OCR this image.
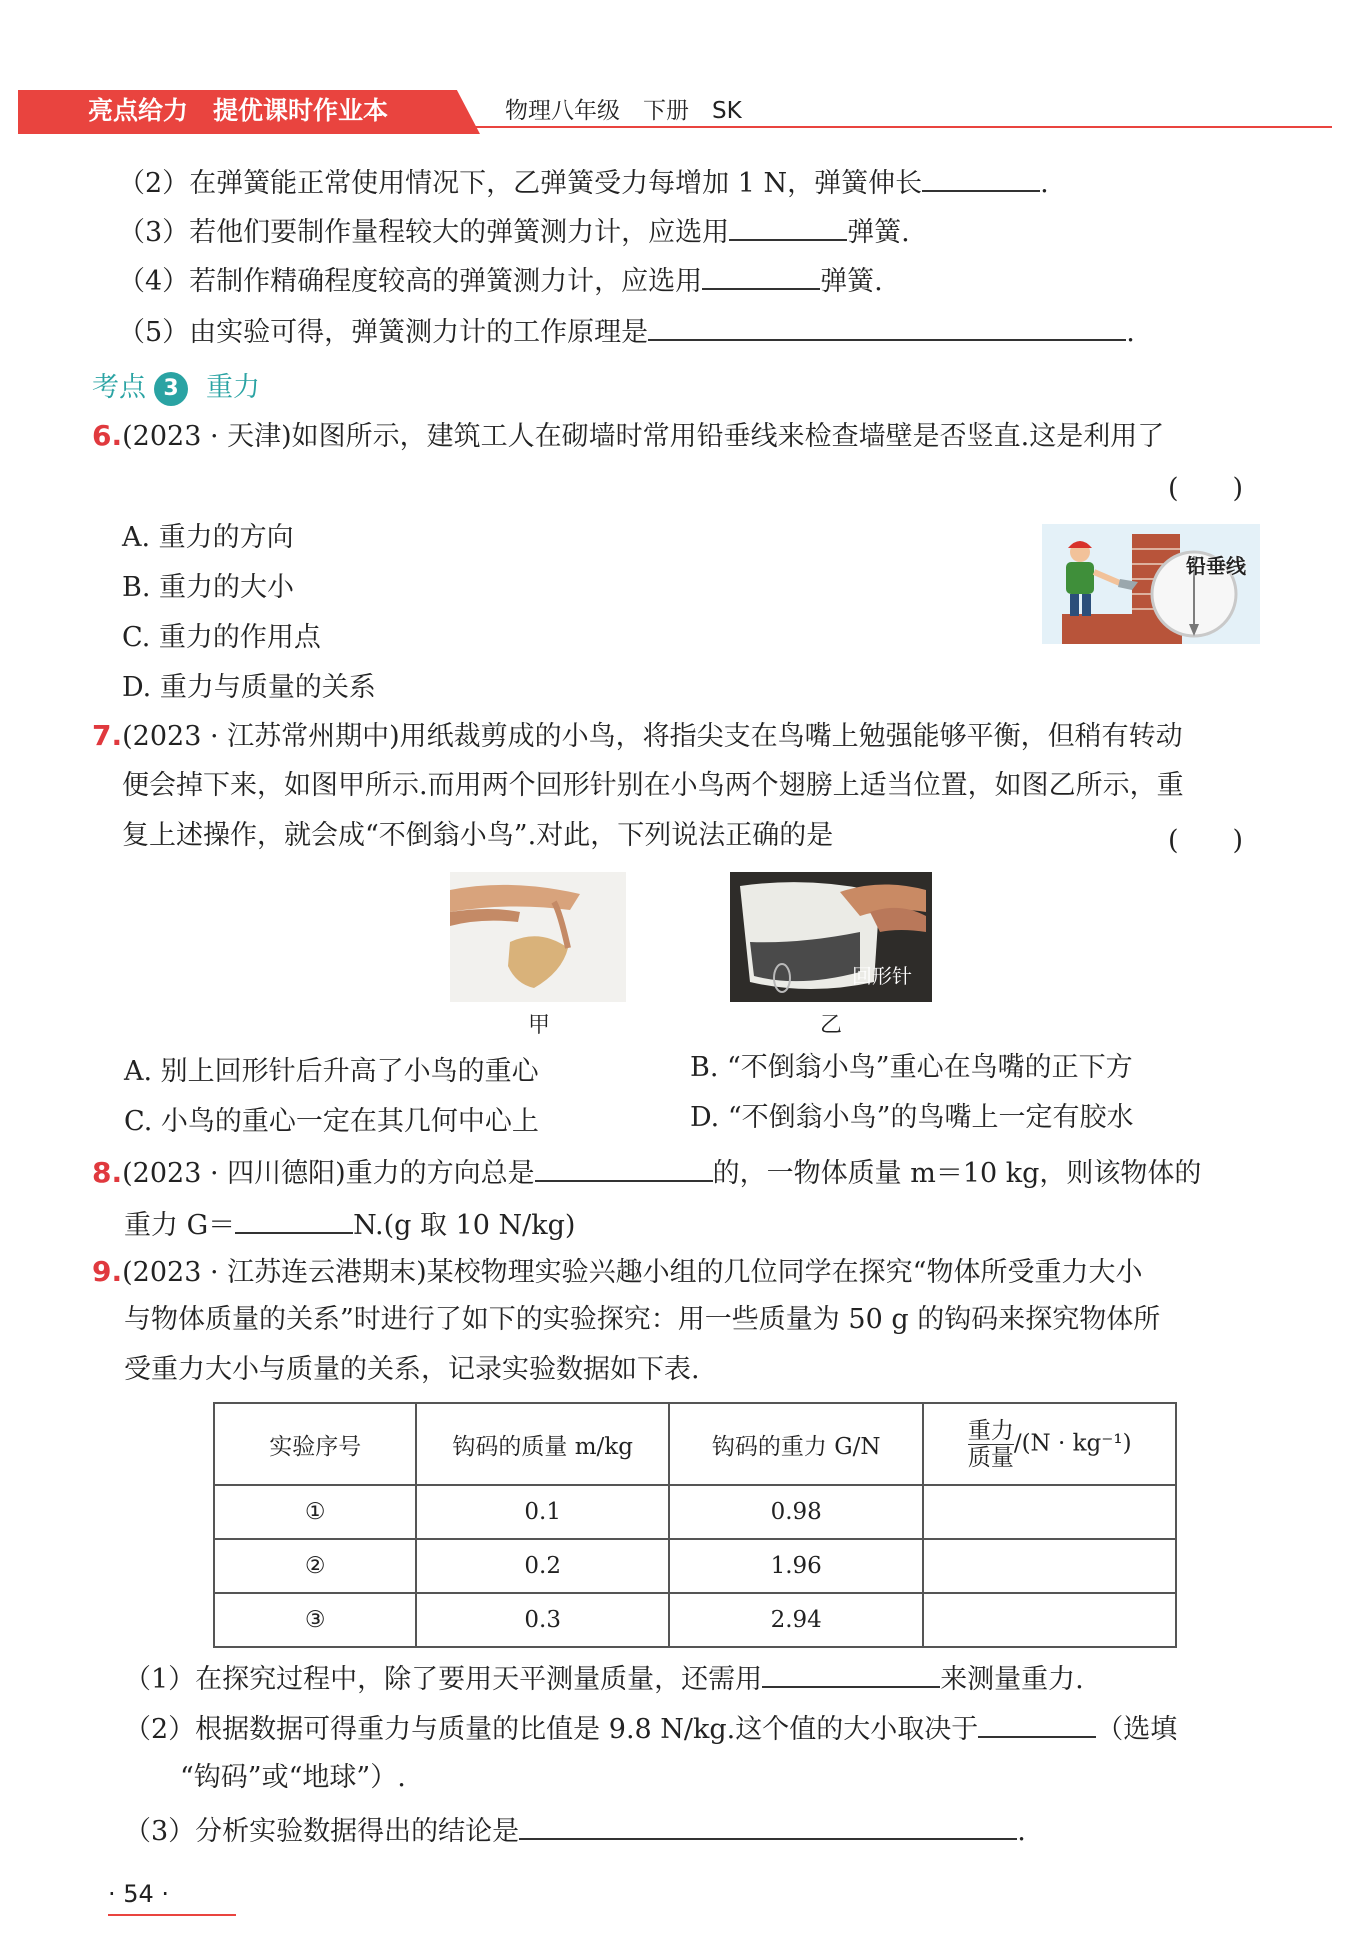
亮点给力　提优课时作业本	物理八年级　下册　SK
（2）在弹簧能正常使用情况下，乙弹簧受力每增加 1 N，弹簧伸长	.
（3）若他们要制作量程较大的弹簧测力计，应选用	弹簧.
（4）若制作精确程度较高的弹簧测力计，应选用	弹簧.
（5）由实验可得，弹簧测力计的工作原理是	.
考点 3 重力
6.(2023 · 天津)如图所示，建筑工人在砌墙时常用铅垂线来检查墙壁是否竖直.这是利用了
(　　)
A. 重力的方向
B. 重力的大小
C. 重力的作用点
D. 重力与质量的关系
铅垂线
7.(2023 · 江苏常州期中)用纸裁剪成的小鸟，将指尖支在鸟嘴上勉强能够平衡，但稍有转动
便会掉下来，如图甲所示.而用两个回形针别在小鸟两个翅膀上适当位置，如图乙所示，重
复上述操作，就会成“不倒翁小鸟”.对此，下列说法正确的是	(　　)
甲
回形针
乙
A. 别上回形针后升高了小鸟的重心	B. “不倒翁小鸟”重心在鸟嘴的正下方
C. 小鸟的重心一定在其几何中心上	D. “不倒翁小鸟”的鸟嘴上一定有胶水
8.(2023 · 四川德阳)重力的方向总是	的，一物体质量 m＝10 kg，则该物体的
重力 G＝	N.(g 取 10 N/kg)
9.(2023 · 江苏连云港期末)某校物理实验兴趣小组的几位同学在探究“物体所受重力大小
与物体质量的关系”时进行了如下的实验探究：用一些质量为 50 g 的钩码来探究物体所
受重力大小与质量的关系，记录实验数据如下表.
实验序号	钩码的质量 m/kg	钩码的重力 G/N	$\frac{\text{重力}}{\text{质量}} /(N \cdot kg^{-1})$
①	0.1	0.98	
②	0.2	1.96	
③	0.3	2.94	
（1）在探究过程中，除了要用天平测量质量，还需用	来测量重力.
（2）根据数据可得重力与质量的比值是 9.8 N/kg.这个值的大小取决于	（选填
“钩码”或“地球”）.
（3）分析实验数据得出的结论是	.
· 54 ·
